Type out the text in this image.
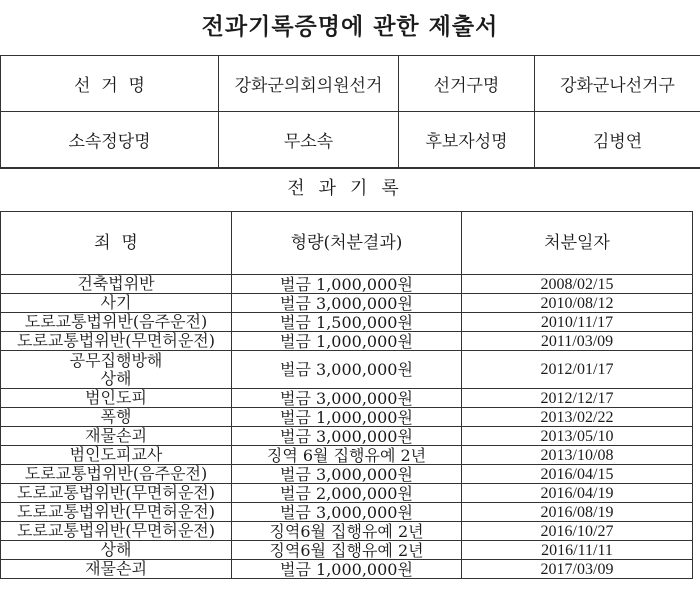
전과기록증명에 관한 제출서
선  거  명	강화군의회의원선거	선거구명	강화군나선거구
소속정당명	무소속	후보자성명	김병연
전과기록
죄  명	형량(처분결과)	처분일자

건축법위반	벌금 1,000,000원	2008/02/15

사기	벌금 3,000,000원	2010/08/12

도로교통법위반(음주운전)	벌금 1,500,000원	2010/11/17

도로교통법위반(무면허운전)	벌금 1,000,000원	2011/03/09

공무집행방해
상해	벌금 3,000,000원	2012/01/17

범인도피	벌금 3,000,000원	2012/12/17

폭행	벌금 1,000,000원	2013/02/22

재물손괴	벌금 3,000,000원	2013/05/10

범인도피교사	징역 6월 집행유예 2년	2013/10/08

도로교통법위반(음주운전)	벌금 3,000,000원	2016/04/15

도로교통법위반(무면허운전)	벌금 2,000,000원	2016/04/19

도로교통법위반(무면허운전)	벌금 3,000,000원	2016/08/19

도로교통법위반(무면허운전)	징역6월 집행유예 2년	2016/10/27

상해	징역6월 집행유예 2년	2016/11/11

재물손괴	벌금 1,000,000원	2017/03/09
